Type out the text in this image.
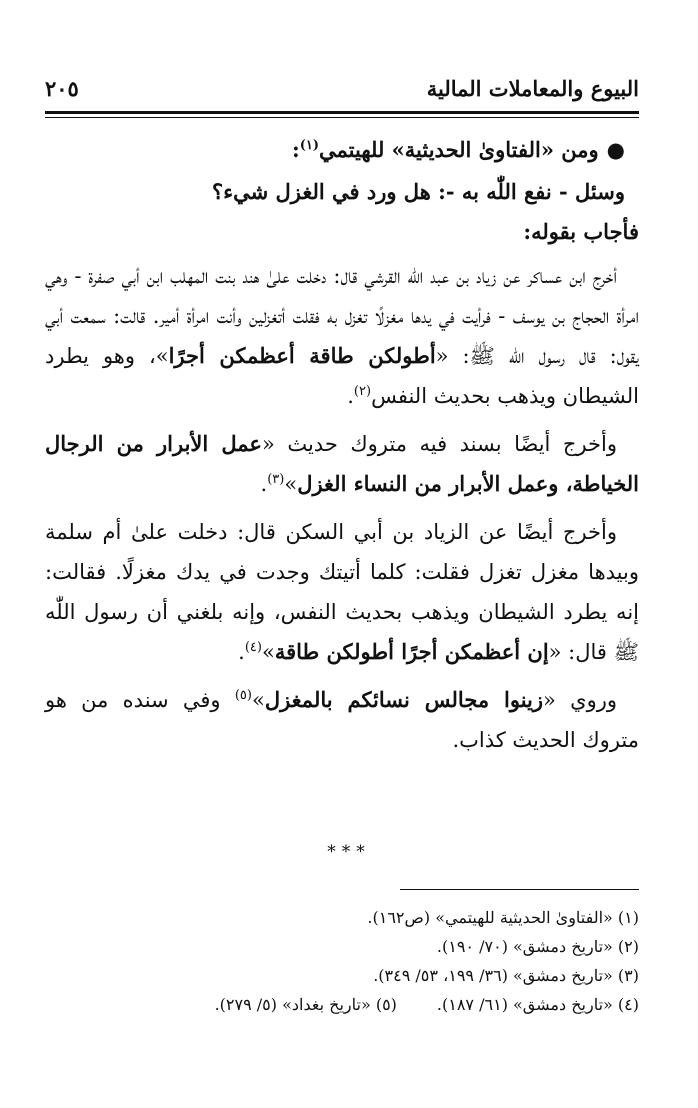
البيوع والمعاملات المالية
٢٠٥

●ومن «الفتاوىٰ الحديثية» للهيتمي$^{(١)}$:

وسئل - نفع اللّٰه به -: هل ورد في الغزل شيء؟

فأجاب بقوله:

أخرج ابن عساكر عن زياد بن عبد اللّٰه القرشي قال: دخلت علىٰ هند بنت المهلب ابن أبي صفرة - وهي امرأة الحجاج بن يوسف - فرأيت في يدها مغزلًا تغزل به فقلت أتغزلين وأنت امرأة أمير. قالت: سمعت أبي يقول: قال رسول اللّٰه ﷺ: «أطولكن طاقة أعظمكن أجرًا»، وهو يطرد الشيطان ويذهب بحديث النفس$^{(٢)}$.

وأخرج أيضًا بسند فيه متروك حديث «عمل الأبرار من الرجال الخياطة، وعمل الأبرار من النساء الغزل»$^{(٣)}$.

وأخرج أيضًا عن الزياد بن أبي السكن قال: دخلت علىٰ أم سلمة وبيدها مغزل تغزل فقلت: كلما أتيتك وجدت في يدك مغزلًا. فقالت: إنه يطرد الشيطان ويذهب بحديث النفس، وإنه بلغني أن رسول اللّٰه ﷺ قال: «إن أعظمكن أجرًا أطولكن طاقة»$^{(٤)}$.

وروي «زينوا مجالس نسائكم بالمغزل»$^{(٥)}$ وفي سنده من هو متروك الحديث كذاب.

***
(١) «الفتاوىٰ الحديثية للهيتمي» (ص١٦٢).
(٢) «تاريخ دمشق» (٧٠/ ١٩٠).
(٣) «تاريخ دمشق» (٣٦/ ١٩٩، ٥٣/ ٣٤٩).
(٤) «تاريخ دمشق» (٦١/ ١٨٧).(٥) «تاريخ بغداد» (٥/ ٢٧٩).
